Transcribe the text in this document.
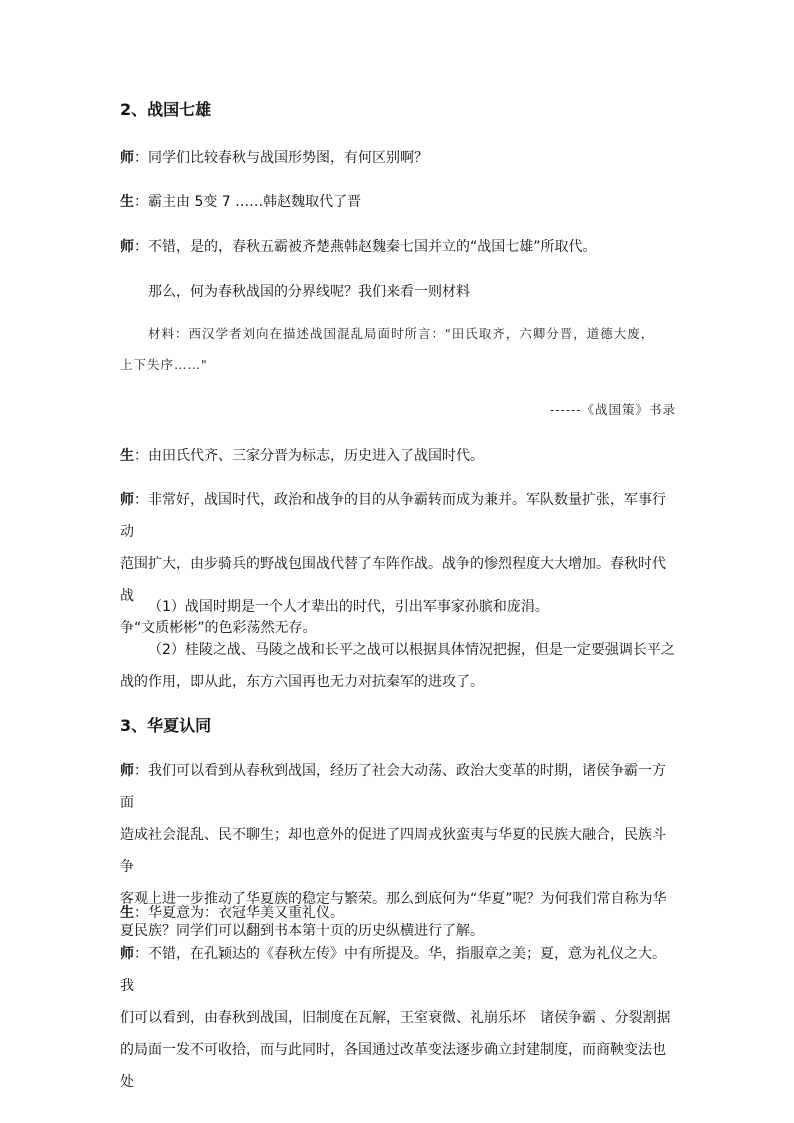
2、战国七雄
师：同学们比较春秋与战国形势图，有何区别啊？
生：霸主由 5变 7 ……韩赵魏取代了晋
师：不错，是的，春秋五霸被齐楚燕韩赵魏秦七国并立的“战国七雄”所取代。
那么，何为春秋战国的分界线呢？我们来看一则材料
材料：西汉学者刘向在描述战国混乱局面时所言："田氏取齐，六卿分晋，道德大废，
上下失序……"
------《战国策》书录
生：由田氏代齐、三家分晋为标志，历史进入了战国时代。
师：非常好，战国时代，政治和战争的目的从争霸转而成为兼并。军队数量扩张，军事行动
范围扩大，由步骑兵的野战包围战代替了车阵作战。战争的惨烈程度大大增加。春秋时代战
争“文质彬彬”的色彩荡然无存。
（1）战国时期是一个人才辈出的时代，引出军事家孙膑和庞涓。
（2）桂陵之战、马陵之战和长平之战可以根据具体情况把握，但是一定要强调长平之
战的作用，即从此，东方六国再也无力对抗秦军的进攻了。
3、华夏认同
师：我们可以看到从春秋到战国，经历了社会大动荡、政治大变革的时期，诸侯争霸一方面
造成社会混乱、民不聊生；却也意外的促进了四周戎狄蛮夷与华夏的民族大融合，民族斗争
客观上进一步推动了华夏族的稳定与繁荣。那么到底何为“华夏”呢？为何我们常自称为华
夏民族？同学们可以翻到书本第十页的历史纵横进行了解。
生：华夏意为：衣冠华美又重礼仪。
师：不错，在孔颖达的《春秋左传》中有所提及。华，指服章之美；夏，意为礼仪之大。我
们可以看到，由春秋到战国，旧制度在瓦解，王室衰微、礼崩乐坏　诸侯争霸 、分裂割据
的局面一发不可收拾，而与此同时，各国通过改革变法逐步确立封建制度，而商鞅变法也处
